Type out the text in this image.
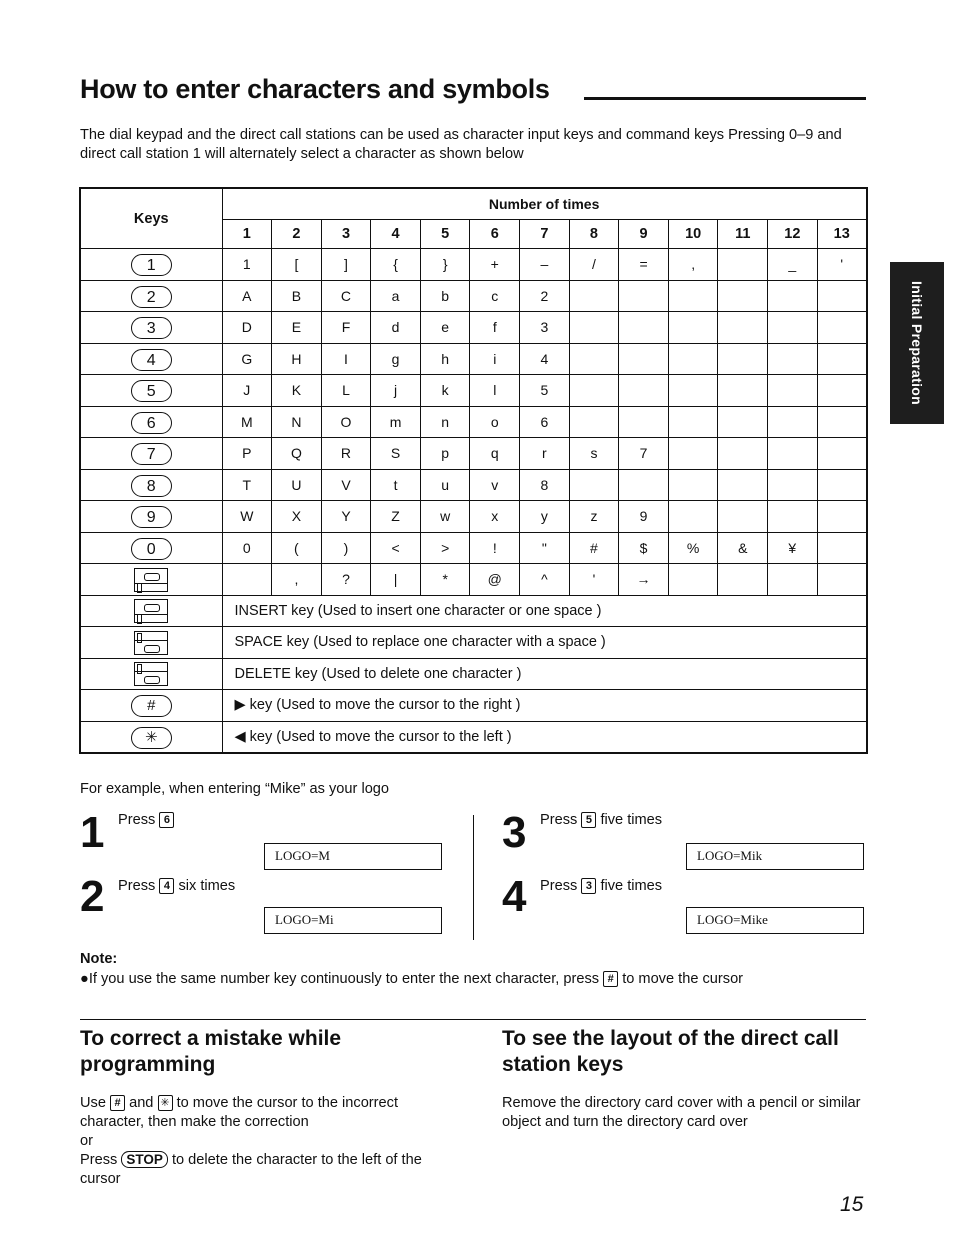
How to enter characters and symbols
The dial keypad and the direct call stations can be used as character input keys and command keys Pressing 0–9 and direct call station 1 will alternately select a character as shown below
Initial Preparation
Keys	Number of times												
	1	2	3	4	5	6	7	8	9	10	11	12	13
1	1	[	]	{	}	+	–	/	=	,		_	'
2	A	B	C	a	b	c	2						
3	D	E	F	d	e	f	3						
4	G	H	I	g	h	i	4						
5	J	K	L	j	k	l	5						
6	M	N	O	m	n	o	6						
7	P	Q	R	S	p	q	r	s	7				
8	T	U	V	t	u	v	8						
9	W	X	Y	Z	w	x	y	z	9				
0	0	(	)	<	>	!	"	#	$	%	&	¥	

		,	?	|	*	@	^	'	→				

	INSERT key (Used to insert one character or one space )												

	SPACE key (Used to replace one character with a space )												

	DELETE key (Used to delete one character )												
#	▶ key (Used to move the cursor to the right )												
✳	◀ key (Used to move the cursor to the left )												
For example, when entering “Mike” as your logo
1 Press 6
LOGO=M
2 Press 4 six times
LOGO=Mi
3 Press 5 five times
LOGO=Mik
4 Press 3 five times
LOGO=Mike
Note:
●If you use the same number key continuously to enter the next character, press # to move the cursor
To correct a mistake while programming
Use # and ✳ to move the cursor to the incorrect character, then make the correction
or
Press STOP to delete the character to the left of the cursor
To see the layout of the direct call station keys
Remove the directory card cover with a pencil or similar object and turn the directory card over
15
